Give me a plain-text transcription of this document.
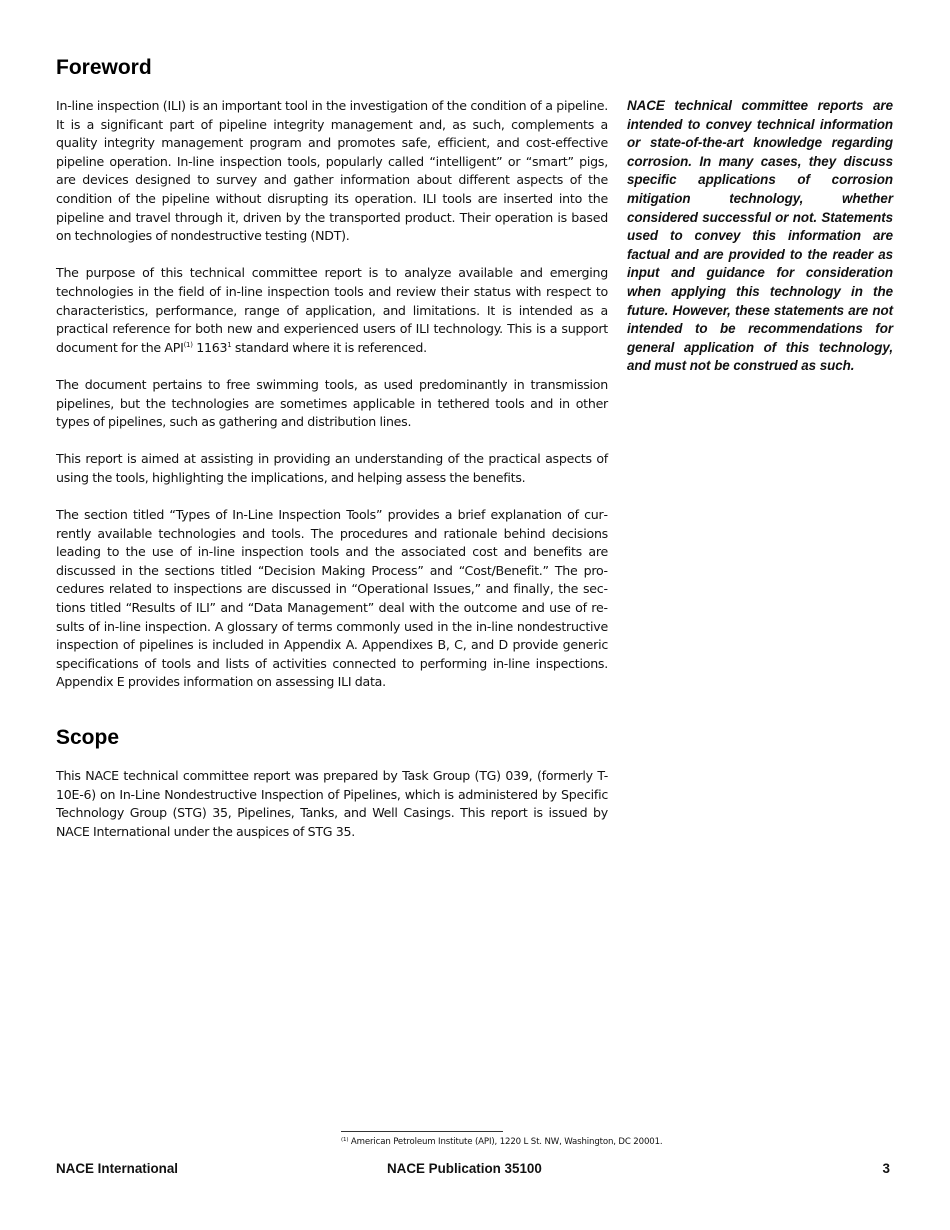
Foreword

In-line inspection (ILI) is an important tool in the investigation of the condition of a pipeline. It is a significant part of pipeline integrity management and, as such, complements a quality integrity management program and promotes safe, efficient, and cost-effective pipeline operation. In-line inspection tools, popularly called “intelligent” or “smart” pigs, are devices designed to survey and gather information about different aspects of the condition of the pipeline without disrupting its operation. ILI tools are inserted into the pipeline and travel through it, driven by the transported product. Their operation is based on technologies of nondestructive testing (NDT).

The purpose of this technical committee report is to analyze available and emerging technologies in the field of in-line inspection tools and review their status with respect to characteristics, performance, range of application, and limitations. It is intended as a practical reference for both new and experienced users of ILI technology. This is a support document for the API$^{(1)}$ 1163$^1$ standard where it is referenced.

The document pertains to free swimming tools, as used predominantly in transmission pipelines, but the technologies are sometimes applicable in tethered tools and in other types of pipelines, such as gathering and distribution lines.

This report is aimed at assisting in providing an understanding of the practical aspects of using the tools, highlighting the implications, and helping assess the benefits.

The section titled “Types of In-Line Inspection Tools” provides a brief explanation of currently available technologies and tools. The procedures and rationale behind decisions leading to the use of in-line inspection tools and the associated cost and benefits are discussed in the sections titled “Decision Making Process” and “Cost/Benefit.” The procedures related to inspections are discussed in “Operational Issues,” and finally, the sections titled “Results of ILI” and “Data Management” deal with the outcome and use of results of in-line inspection. A glossary of terms commonly used in the in-line nondestructive inspection of pipelines is included in Appendix A. Appendixes B, C, and D provide generic specifications of tools and lists of activities connected to performing in-line inspections. Appendix E provides information on assessing ILI data.

Scope

This NACE technical committee report was prepared by Task Group (TG) 039, (formerly T-10E-6) on In-Line Nondestructive Inspection of Pipelines, which is administered by Specific Technology Group (STG) 35, Pipelines, Tanks, and Well Casings. This report is issued by NACE International under the auspices of STG 35.

NACE technical committee reports are intended to convey technical information or state-of-the-art knowledge regarding corrosion. In many cases, they discuss specific applications of corrosion mitigation technology, whether considered successful or not. Statements used to convey this information are factual and are provided to the reader as input and guidance for consideration when applying this technology in the future. However, these statements are not intended to be recommendations for general application of this technology, and must not be construed as such.

$^{(1)}$ American Petroleum Institute (API), 1220 L St. NW, Washington, DC 20001.

NACE International	NACE Publication 35100	3
